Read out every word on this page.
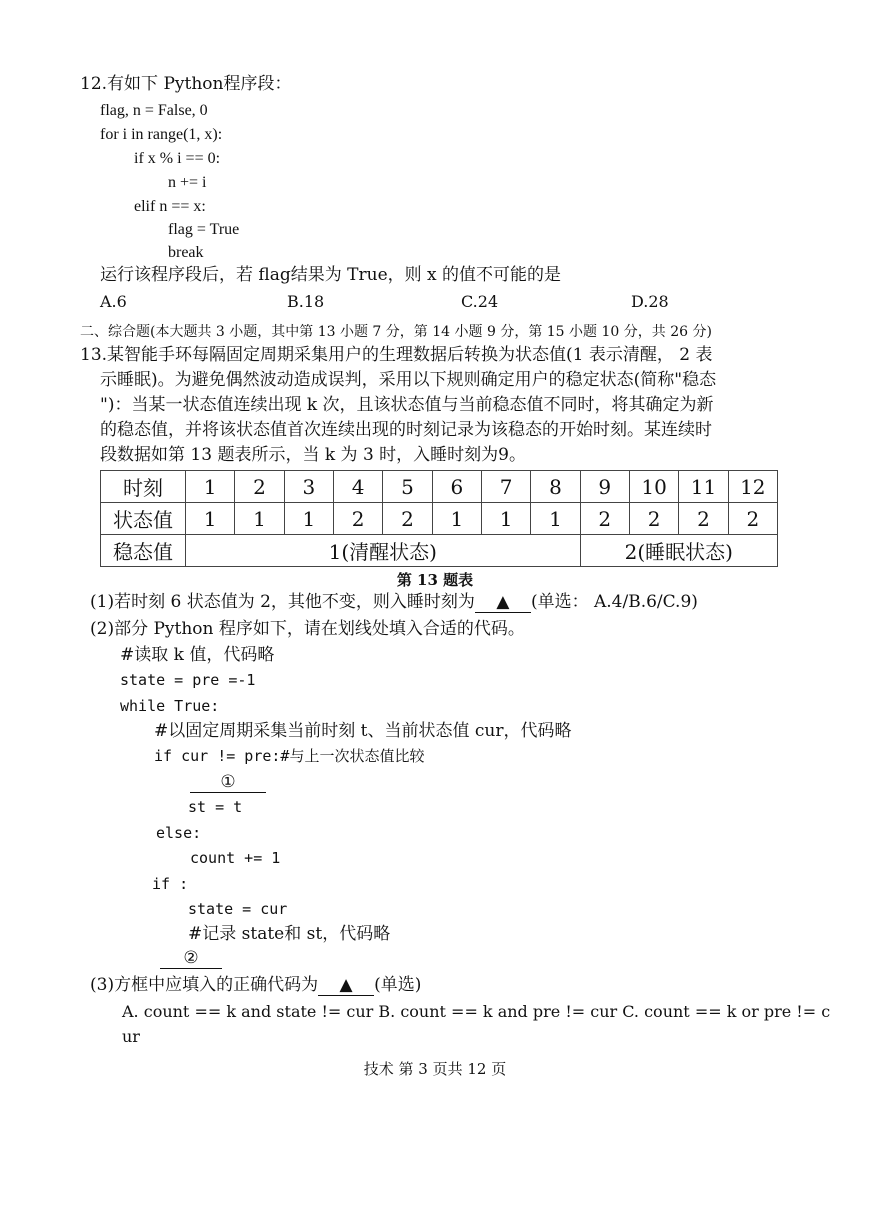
12.有如下 Python程序段：
flag, n = False, 0
for i in range(1, x):
if x % i == 0:
n += i
elif n == x:
flag = True
break
运行该程序段后，若 flag结果为 True，则 x 的值不可能的是
A.6	B.18	C.24	D.28
二、综合题(本大题共 3 小题，其中第 13 小题 7 分，第 14 小题 9 分，第 15 小题 10 分，共 26 分)
13.某智能手环每隔固定周期采集用户的生理数据后转换为状态值(1 表示清醒， 2 表
示睡眠)。为避免偶然波动造成误判，采用以下规则确定用户的稳定状态(简称"稳态
")：当某一状态值连续出现 k 次，且该状态值与当前稳态值不同时，将其确定为新
的稳态值，并将该状态值首次连续出现的时刻记录为该稳态的开始时刻。某连续时
段数据如第 13 题表所示，当 k 为 3 时，入睡时刻为9。
时刻	1	2	3	4	5	6	7	8	9	10	11	12
状态值	1	1	1	2	2	1	1	1	2	2	2	2
稳态值	1(清醒状态)								2(睡眠状态)			
第 13 题表
(1)若时刻 6 状态值为 2，其他不变，则入睡时刻为 ▲ (单选： A.4/B.6/C.9)
(2)部分 Python 程序如下，请在划线处填入合适的代码。
#读取 k 值，代码略
state = pre =-1
while True:
#以固定周期采集当前时刻 t、当前状态值 cur，代码略
if cur != pre:#与上一次状态值比较
①
st = t
else:
count += 1
if :
state = cur
#记录 state和 st，代码略
②
(3)方框中应填入的正确代码为 ▲ (单选)
A. count == k and state != cur B. count == k and pre != cur C. count == k or pre != c
ur
技术 第 3 页共 12 页
